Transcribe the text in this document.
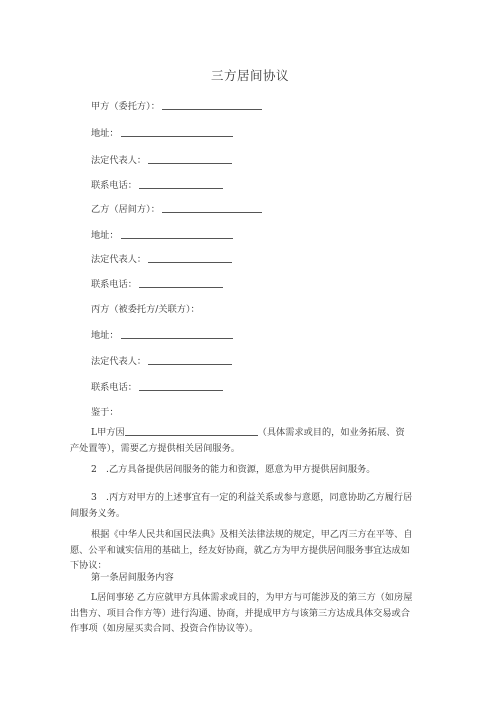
三方居间协议
甲方（委托方）：
地址：
法定代表人：
联系电话：
乙方（居间方）：
地址：
法定代表人：
联系电话：
丙方（被委托方/关联方）：
地址：
法定代表人：
联系电话：
鉴于：
L甲方因	（具体需求或目的，如业务拓展、资产处置等），需要乙方提供相关居间服务。
2　.乙方具备提供居间服务的能力和资源，愿意为甲方提供居间服务。
3　.丙方对甲方的上述事宜有一定的利益关系或参与意愿，同意协助乙方履行居间服务义务。
根据《中华人民共和国民法典》及相关法律法规的规定，甲乙丙三方在平等、自愿、公平和诚实信用的基础上，经友好协商，就乙方为甲方提供居间服务事宜达成如下协议：
第一条居间服务内容
L居间事珌 乙方应就甲方具体需求或目的，为甲方与可能涉及的第三方（如房屋出售方、项目合作方等）进行沟通、协商，并提成甲方与该第三方达成具体交易或合作事项（如房屋买卖合同、投资合作协议等）。
